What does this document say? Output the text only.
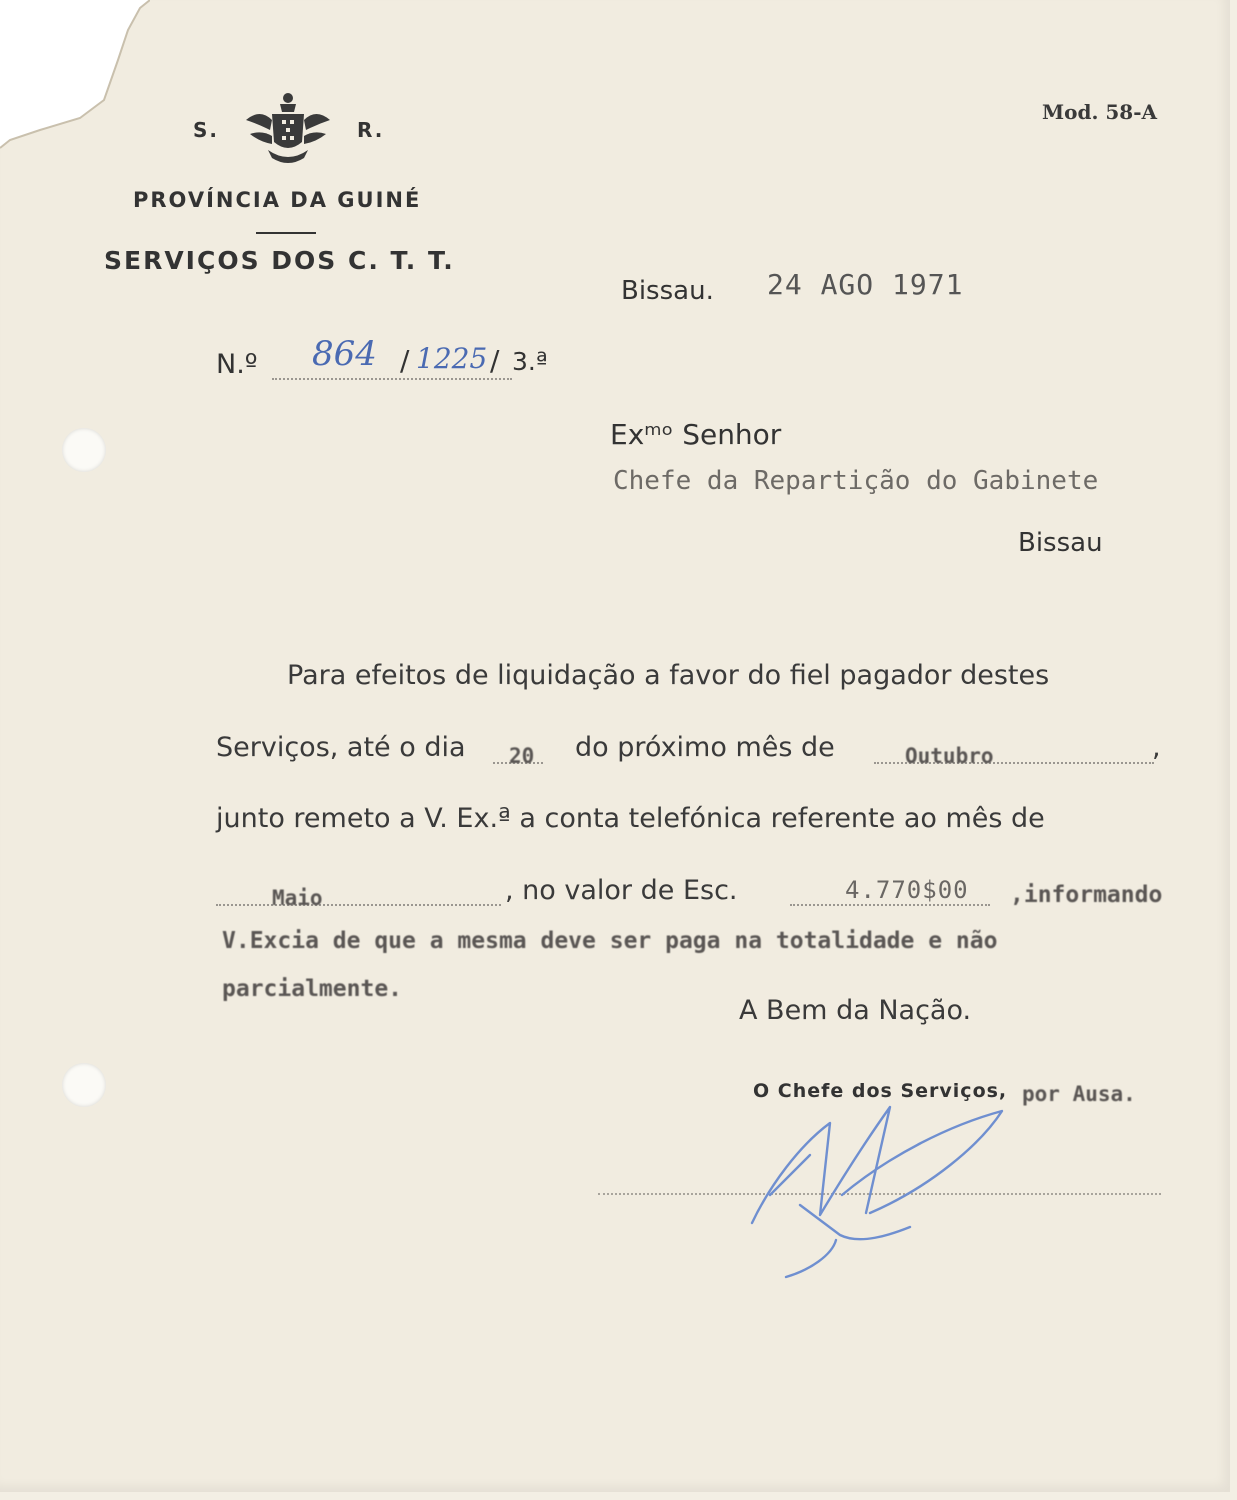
S.	R.
PROVÍNCIA DA GUINÉ
SERVIÇOS DOS C. T. T.
Mod. 58-A
Bissau. 24 AGO 1971
N.º 864 / 1225 / 3.ª
Exᵐᵒ Senhor
Chefe da Repartição do Gabinete
Bissau
Para efeitos de liquidação a favor do fiel pagador destes
Serviços, até o dia 20 do próximo mês de	Outubro	,
junto remeto a V. Ex.ª a conta telefónica referente ao mês de
Maio	, no valor de Esc.	4.770$00 ,informando
V.Excia de que a mesma deve ser paga na totalidade e não
parcialmente.
A Bem da Nação.
O Chefe dos Serviços, por Ausa.
